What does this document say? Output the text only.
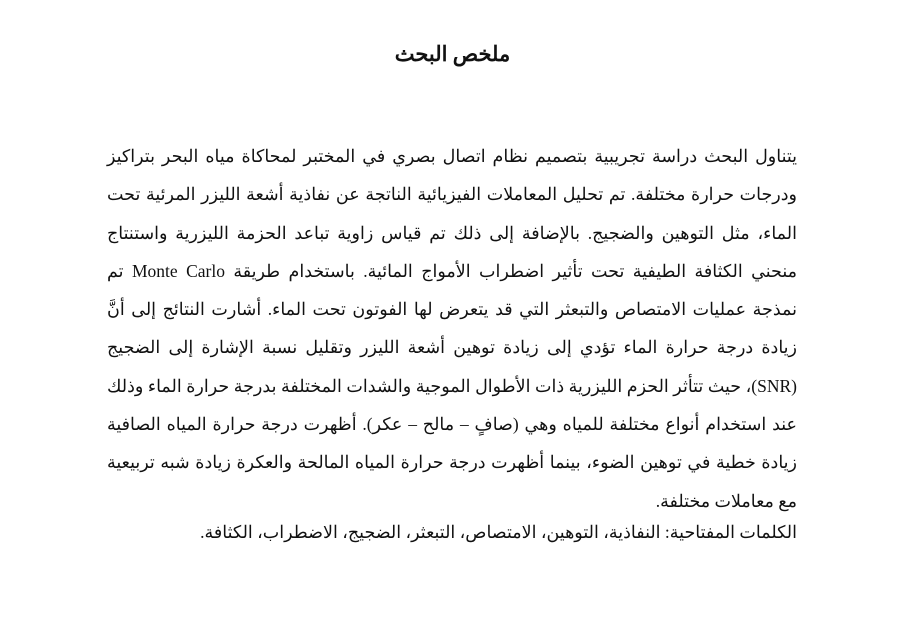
ملخص البحث

يتناول البحث دراسة تجريبية بتصميم نظام اتصال بصري في المختبر لمحاكاة مياه البحر بتراكيز ودرجات حرارة مختلفة. تم تحليل المعاملات الفيزيائية الناتجة عن نفاذية أشعة الليزر المرئية تحت الماء، مثل التوهين والضجيج. بالإضافة إلى ذلك تم قياس زاوية تباعد الحزمة الليزرية واستنتاج منحني الكثافة الطيفية تحت تأثير اضطراب الأمواج المائية. باستخدام طريقة Monte Carlo تم نمذجة عمليات الامتصاص والتبعثر التي قد يتعرض لها الفوتون تحت الماء. أشارت النتائج إلى أنَّ زيادة درجة حرارة الماء تؤدي إلى زيادة توهين أشعة الليزر وتقليل نسبة الإشارة إلى الضجيج (SNR)، حيث تتأثر الحزم الليزرية ذات الأطوال الموجية والشدات المختلفة بدرجة حرارة الماء وذلك عند استخدام أنواع مختلفة للمياه وهي (صافٍ – مالح – عكر). أظهرت درجة حرارة المياه الصافية زيادة خطية في توهين الضوء، بينما أظهرت درجة حرارة المياه المالحة والعكرة زيادة شبه تربيعية مع معاملات مختلفة.

الكلمات المفتاحية: النفاذية، التوهين، الامتصاص، التبعثر، الضجيج، الاضطراب، الكثافة.
